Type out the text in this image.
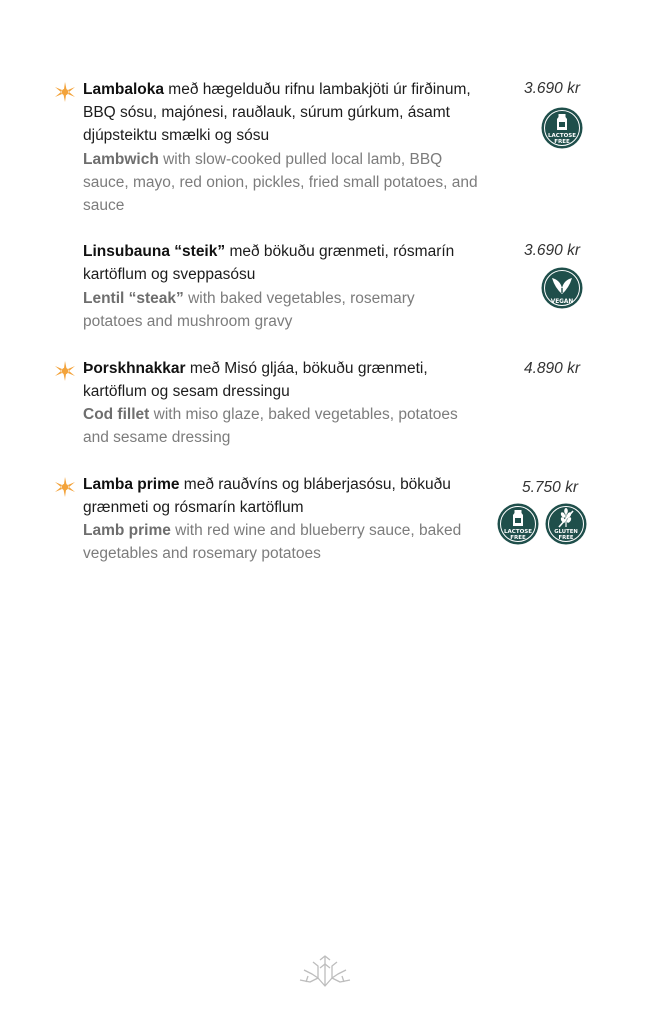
Lambaloka með hægelduðu rifnu lambakjöti úr firðinum, BBQ sósu, majónesi, rauðlauk, súrum gúrkum, ásamt djúpsteiktu smælki og sósu
Lambwich with slow-cooked pulled local lamb, BBQ sauce, mayo, red onion, pickles, fried small potatoes, and sauce
3.690 kr
LACTOSE
FREE
Linsubauna “steik” með bökuðu grænmeti, rósmarín kartöflum og sveppasósu
Lentil “steak” with baked vegetables, rosemary potatoes and mushroom gravy
3.690 kr
VEGAN
Þorskhnakkar með Misó gljáa, bökuðu grænmeti, kartöflum og sesam dressingu
Cod fillet with miso glaze, baked vegetables, potatoes and sesame dressing
4.890 kr
Lamba prime með rauðvíns og bláberjasósu, bökuðu grænmeti og rósmarín kartöflum
Lamb prime with red wine and blueberry sauce, baked vegetables and rosemary potatoes
5.750 kr
LACTOSE
FREE
GLUTEN
FREE
